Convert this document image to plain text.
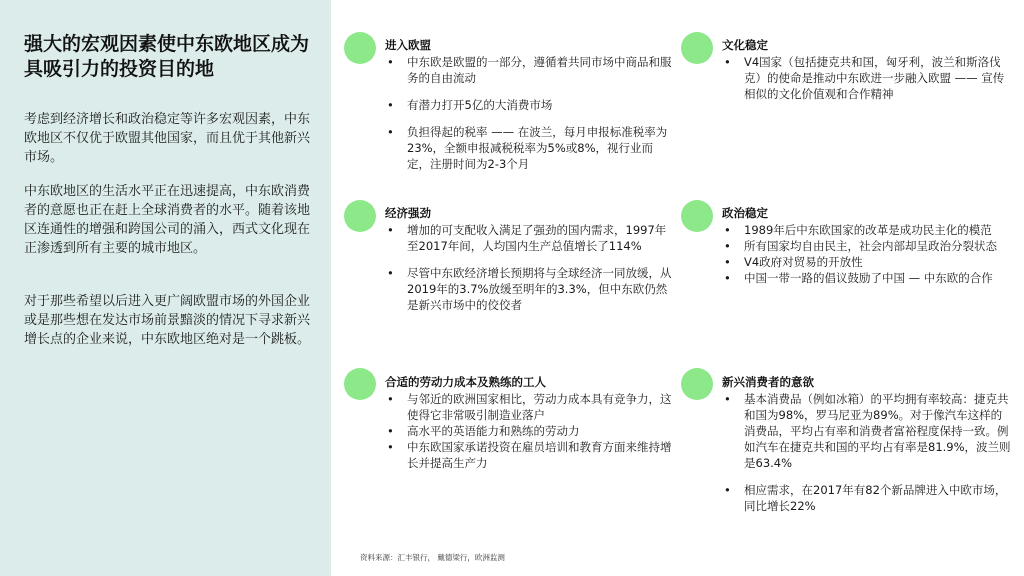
强大的宏观因素使中东欧地区成为具吸引力的投资目的地
考虑到经济增长和政治稳定等许多宏观因素，中东欧地区不仅优于欧盟其他国家，而且优于其他新兴市场。
中东欧地区的生活水平正在迅速提高，中东欧消费者的意愿也正在赶上全球消费者的水平。随着该地区连通性的增强和跨国公司的涌入，西式文化现在正渗透到所有主要的城市地区。
对于那些希望以后进入更广阔欧盟市场的外国企业或是那些想在发达市场前景黯淡的情况下寻求新兴增长点的企业来说，中东欧地区绝对是一个跳板。
进入欧盟
• 中东欧是欧盟的一部分，遵循着共同市场中商品和服务的自由流动
• 有潜力打开5亿的大消费市场
• 负担得起的税率 —— 在波兰，每月申报标准税率为23%，全额申报减税税率为5%或8%，视行业而定，注册时间为2-3个月
文化稳定
• V4国家（包括捷克共和国，匈牙利，波兰和斯洛伐克）的使命是推动中东欧进一步融入欧盟 —— 宣传相似的文化价值观和合作精神
经济强劲
• 增加的可支配收入满足了强劲的国内需求，1997年至2017年间，人均国内生产总值增长了114%
• 尽管中东欧经济增长预期将与全球经济一同放缓，从2019年的3.7%放缓至明年的3.3%，但中东欧仍然是新兴市场中的佼佼者
政治稳定
• 1989年后中东欧国家的改革是成功民主化的模范
• 所有国家均自由民主，社会内部却呈政治分裂状态
• V4政府对贸易的开放性
• 中国一带一路的倡议鼓励了中国 — 中东欧的合作
合适的劳动力成本及熟练的工人
• 与邻近的欧洲国家相比，劳动力成本具有竞争力，这使得它非常吸引制造业落户
• 高水平的英语能力和熟练的劳动力
• 中东欧国家承诺投资在雇员培训和教育方面来维持增长并提高生产力
新兴消费者的意欲
• 基本消费品（例如冰箱）的平均拥有率较高：捷克共和国为98%，罗马尼亚为89%。对于像汽车这样的消费品，平均占有率和消费者富裕程度保持一致。例如汽车在捷克共和国的平均占有率是81.9%，波兰则是63.4%
• 相应需求，在2017年有82个新品牌进入中欧市场，同比增长22%
资料来源：汇丰银行， 戴德梁行，欧洲监测
